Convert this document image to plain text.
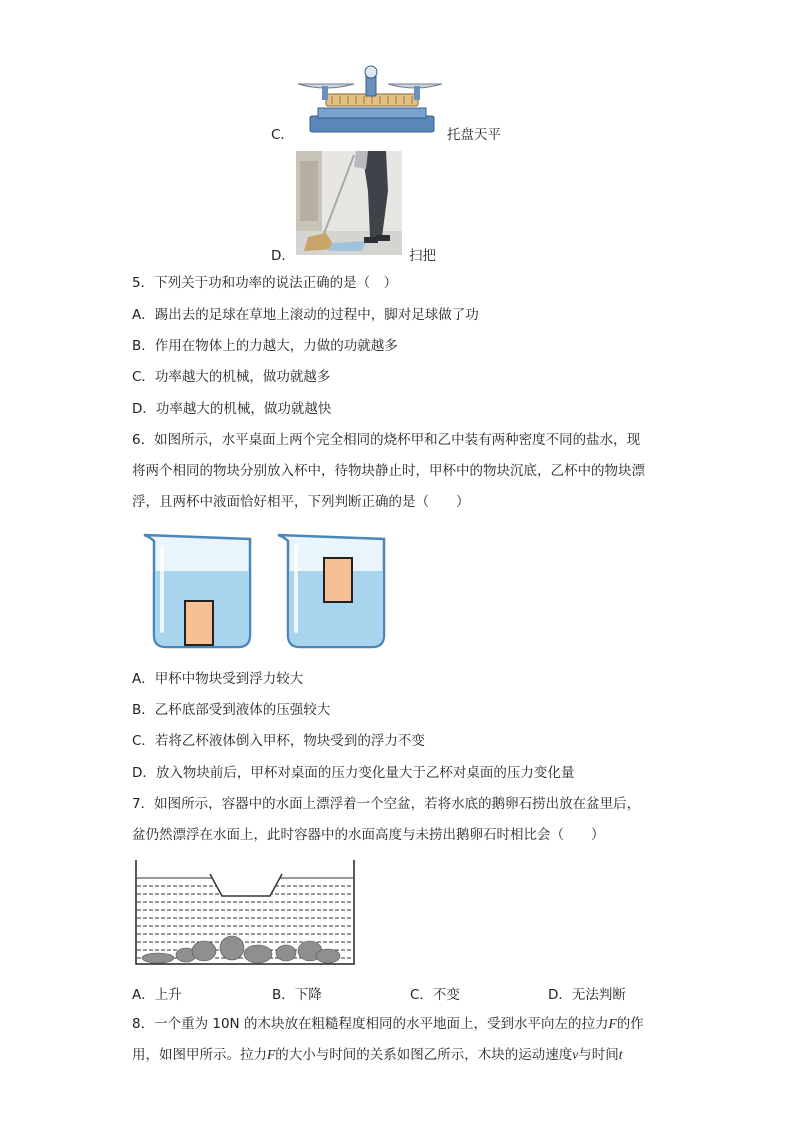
C．	托盘天平
D．	扫把
5．下列关于功和功率的说法正确的是（　）
A．踢出去的足球在草地上滚动的过程中，脚对足球做了功
B．作用在物体上的力越大，力做的功就越多
C．功率越大的机械，做功就越多
D．功率越大的机械，做功就越快
6．如图所示，水平桌面上两个完全相同的烧杯甲和乙中装有两种密度不同的盐水，现
将两个相同的物块分别放入杯中，待物块静止时，甲杯中的物块沉底，乙杯中的物块漂
浮，且两杯中液面恰好相平，下列判断正确的是（　　）
A．甲杯中物块受到浮力较大
B．乙杯底部受到液体的压强较大
C．若将乙杯液体倒入甲杯，物块受到的浮力不变
D．放入物块前后，甲杯对桌面的压力变化量大于乙杯对桌面的压力变化量
7．如图所示，容器中的水面上漂浮着一个空盆，若将水底的鹅卵石捞出放在盆里后，
盆仍然漂浮在水面上，此时容器中的水面高度与未捞出鹅卵石时相比会（　　）
A．上升	B．下降	C．不变	D．无法判断
8．一个重为 10N 的木块放在粗糙程度相同的水平地面上，受到水平向左的拉力F的作
用，如图甲所示。拉力F的大小与时间的关系如图乙所示，木块的运动速度v与时间t
